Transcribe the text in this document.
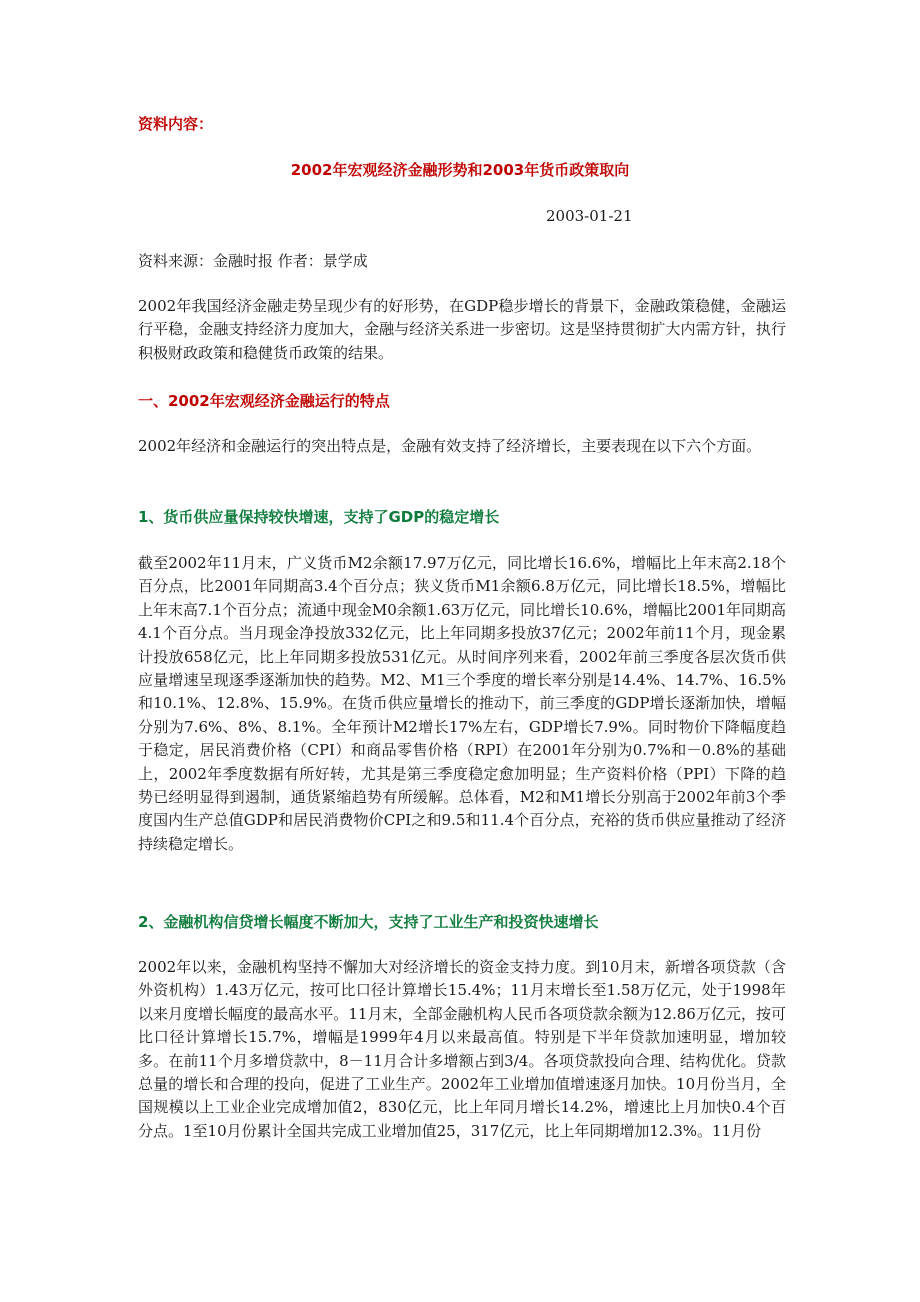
资料内容：
2002年宏观经济金融形势和2003年货币政策取向
2003-01-21
资料来源：金融时报 作者：景学成
2002年我国经济金融走势呈现少有的好形势，在GDP稳步增长的背景下，金融政策稳健，金融运行平稳，金融支持经济力度加大，金融与经济关系进一步密切。这是坚持贯彻扩大内需方针，执行积极财政政策和稳健货币政策的结果。
一、2002年宏观经济金融运行的特点
2002年经济和金融运行的突出特点是，金融有效支持了经济增长，主要表现在以下六个方面。
1、货币供应量保持较快增速，支持了GDP的稳定增长
截至2002年11月末，广义货币M2余额17.97万亿元，同比增长16.6%，增幅比上年末高2.18个百分点，比2001年同期高3.4个百分点；狭义货币M1余额6.8万亿元，同比增长18.5%，增幅比上年末高7.1个百分点；流通中现金M0余额1.63万亿元，同比增长10.6%，增幅比2001年同期高4.1个百分点。当月现金净投放332亿元，比上年同期多投放37亿元；2002年前11个月，现金累计投放658亿元，比上年同期多投放531亿元。从时间序列来看，2002年前三季度各层次货币供应量增速呈现逐季逐渐加快的趋势。M2、M1三个季度的增长率分别是14.4%、14.7%、16.5%和10.1%、12.8%、15.9%。在货币供应量增长的推动下，前三季度的GDP增长逐渐加快，增幅分别为7.6%、8%、8.1%。全年预计M2增长17%左右，GDP增长7.9%。同时物价下降幅度趋于稳定，居民消费价格（CPI）和商品零售价格（RPI）在2001年分别为0.7%和－0.8%的基础上，2002年季度数据有所好转，尤其是第三季度稳定愈加明显；生产资料价格（PPI）下降的趋势已经明显得到遏制，通货紧缩趋势有所缓解。总体看，M2和M1增长分别高于2002年前3个季度国内生产总值GDP和居民消费物价CPI之和9.5和11.4个百分点，充裕的货币供应量推动了经济持续稳定增长。
2、金融机构信贷增长幅度不断加大，支持了工业生产和投资快速增长
2002年以来，金融机构坚持不懈加大对经济增长的资金支持力度。到10月末，新增各项贷款（含外资机构）1.43万亿元，按可比口径计算增长15.4%；11月末增长至1.58万亿元，处于1998年以来月度增长幅度的最高水平。11月末，全部金融机构人民币各项贷款余额为12.86万亿元，按可比口径计算增长15.7%，增幅是1999年4月以来最高值。特别是下半年贷款加速明显，增加较多。在前11个月多增贷款中，8－11月合计多增额占到3/4。各项贷款投向合理、结构优化。贷款总量的增长和合理的投向，促进了工业生产。2002年工业增加值增速逐月加快。10月份当月，全国规模以上工业企业完成增加值2，830亿元，比上年同月增长14.2%，增速比上月加快0.4个百分点。1至10月份累计全国共完成工业增加值25，317亿元，比上年同期增加12.3%。11月份
